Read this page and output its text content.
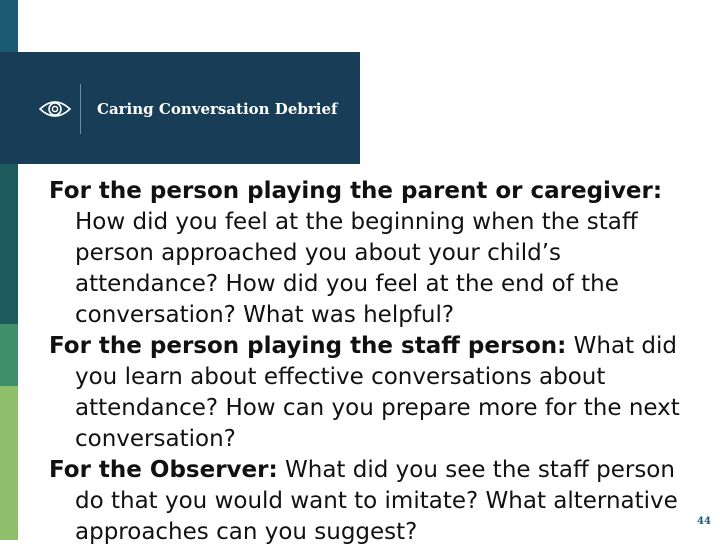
Caring Conversation Debrief

For the person playing the parent or caregiver: How did you feel at the beginning when the staff person approached you about your child’s attendance? How did you feel at the end of the conversation? What was helpful?

For the person playing the staff person: What did you learn about effective conversations about attendance? How can you prepare more for the next conversation?

For the Observer: What did you see the staff person do that you would want to imitate? What alternative approaches can you suggest?	44
